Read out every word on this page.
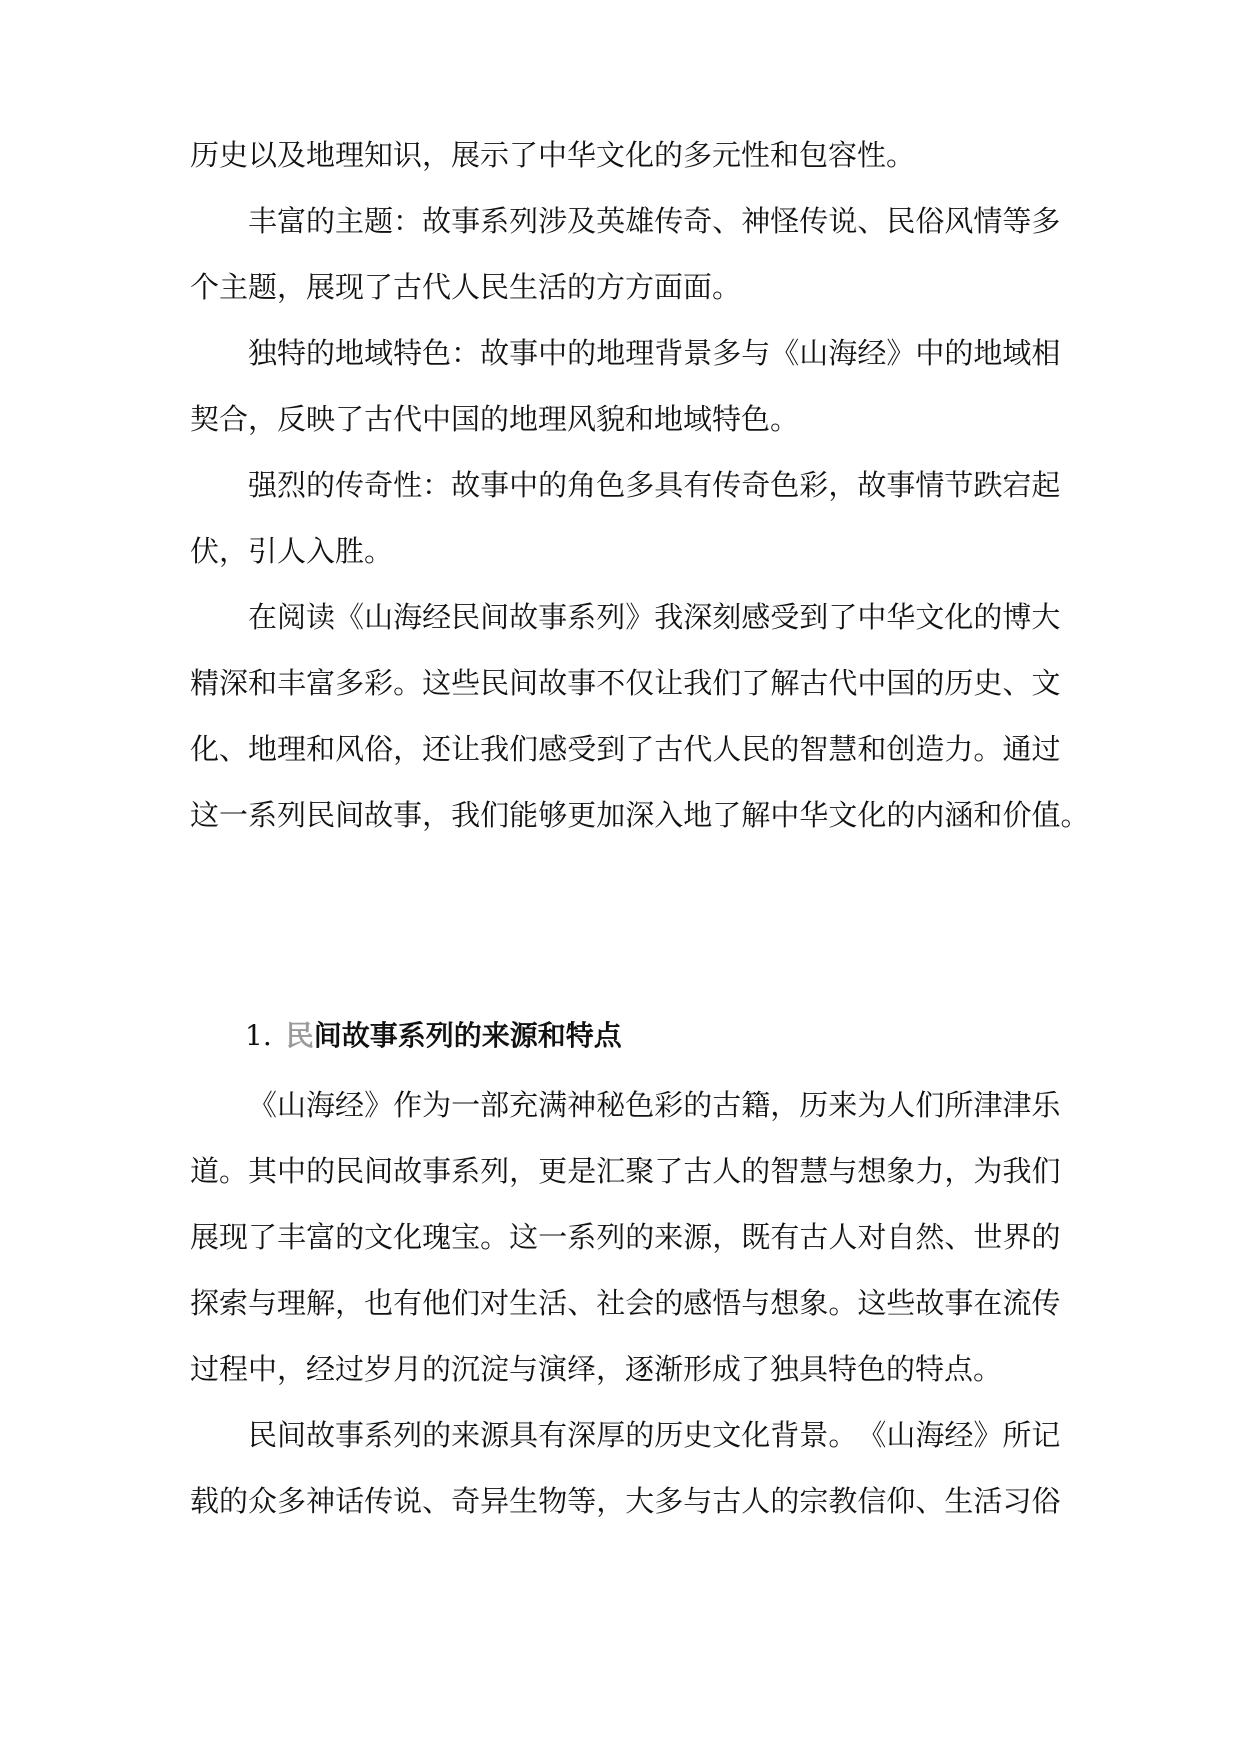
历史以及地理知识，展示了中华文化的多元性和包容性。
丰 富 的 主 题 ： 故 事 系 列 涉 及 英 雄 传 奇 、 神 怪 传 说 、 民 俗 风 情 等 多
个主题，展现了古代人民生活的方方面面。
独 特 的 地 域 特 色 ： 故 事 中 的 地 理 背 景 多 与 《 山 海 经 》 中 的 地 域 相
契合，反映了古代中国的地理风貌和地域特色。
强 烈 的 传 奇 性 ： 故 事 中 的 角 色 多 具 有 传 奇 色 彩 ， 故 事 情 节 跌 宕 起
伏，引人入胜。
在 阅 读 《 山 海 经 民 间 故 事 系 列 》 我 深 刻 感 受 到 了 中 华 文 化 的 博 大
精 深 和 丰 富 多 彩 。 这 些 民 间 故 事 不 仅 让 我 们 了 解 古 代 中 国 的 历 史 、 文
化 、 地 理 和 风 俗 ， 还 让 我 们 感 受 到 了 古 代 人 民 的 智 慧 和 创 造 力 。 通 过
这 一 系 列 民 间 故 事 ， 我 们 能 够 更 加 深 入 地 了 解 中 华 文 化 的 内 涵 和 价 值 。
《 山 海 经 》 作 为 一 部 充 满 神 秘 色 彩 的 古 籍 ， 历 来 为 人 们 所 津 津 乐
道 。 其 中 的 民 间 故 事 系 列 ， 更 是 汇 聚 了 古 人 的 智 慧 与 想 象 力 ， 为 我 们
展 现 了 丰 富 的 文 化 瑰 宝 。 这 一 系 列 的 来 源 ， 既 有 古 人 对 自 然 、 世 界 的
探 索 与 理 解 ， 也 有 他 们 对 生 活 、 社 会 的 感 悟 与 想 象 。 这 些 故 事 在 流 传
过程中，经过岁月的沉淀与演绎，逐渐形成了独具特色的特点。
民 间 故 事 系 列 的 来 源 具 有 深 厚 的 历 史 文 化 背 景 。 《 山 海 经 》 所 记
载 的 众 多 神 话 传 说 、 奇 异 生 物 等 ， 大 多 与 古 人 的 宗 教 信 仰 、 生 活 习 俗
1. 民间故事系列的来源和特点
